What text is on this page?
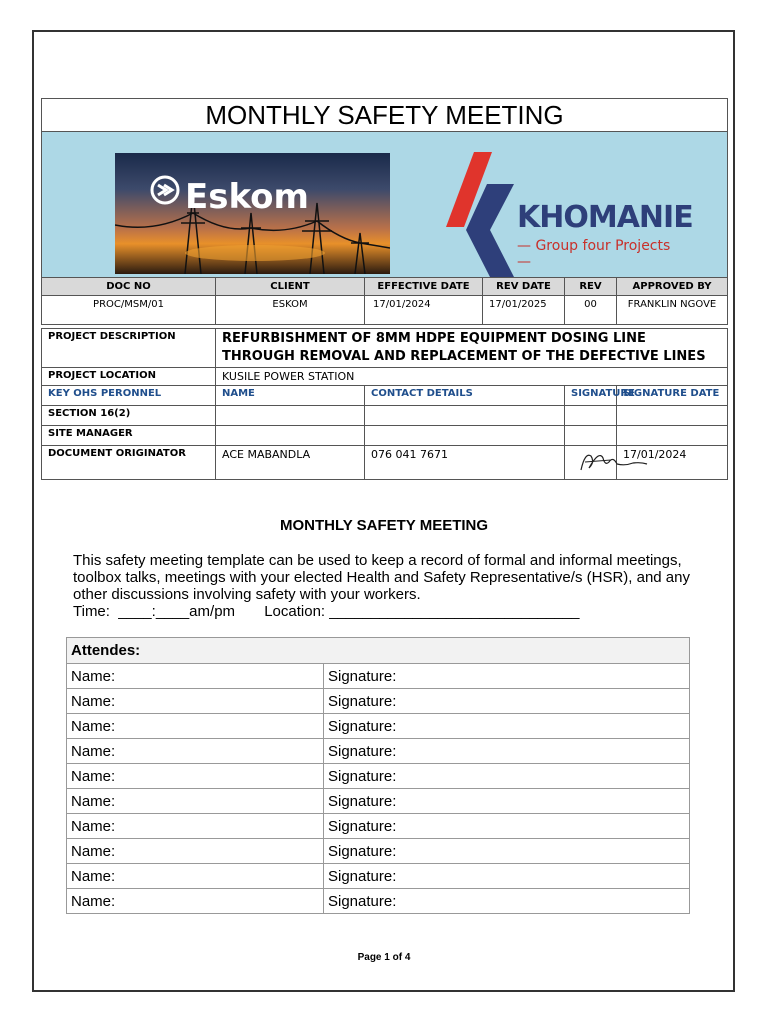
MONTHLY SAFETY MEETING					

Eskom
KHOMANIE
— Group four Projects —					

DOC NO	CLIENT	EFFECTIVE DATE	REV DATE	REV	APPROVED BY
PROC/MSM/01	ESKOM	17/01/2024	17/01/2025	00	FRANKLIN NGOVE

PROJECT DESCRIPTION	REFURBISHMENT OF 8MM HDPE EQUIPMENT DOSING LINE THROUGH REMOVAL AND REPLACEMENT OF THE DEFECTIVE LINES				
PROJECT LOCATION	KUSILE POWER STATION				
KEY OHS PERONNEL	NAME	CONTACT DETAILS		SIGNATURE	SIGNATURE DATE
SECTION 16(2)					
SITE MANAGER					
DOCUMENT ORIGINATOR	ACE MABANDLA	076 041 7671			17/01/2024
MONTHLY SAFETY MEETING
This safety meeting template can be used to keep a record of formal and informal meetings, toolbox talks, meetings with your elected Health and Safety Representative/s (HSR), and any other discussions involving safety with your workers.
Time:  ____:____am/pm       Location: ______________________________
Attendes:	
Name:	Signature:
Name:	Signature:
Name:	Signature:
Name:	Signature:
Name:	Signature:
Name:	Signature:
Name:	Signature:
Name:	Signature:
Name:	Signature:
Name:	Signature:
Page 1 of 4
